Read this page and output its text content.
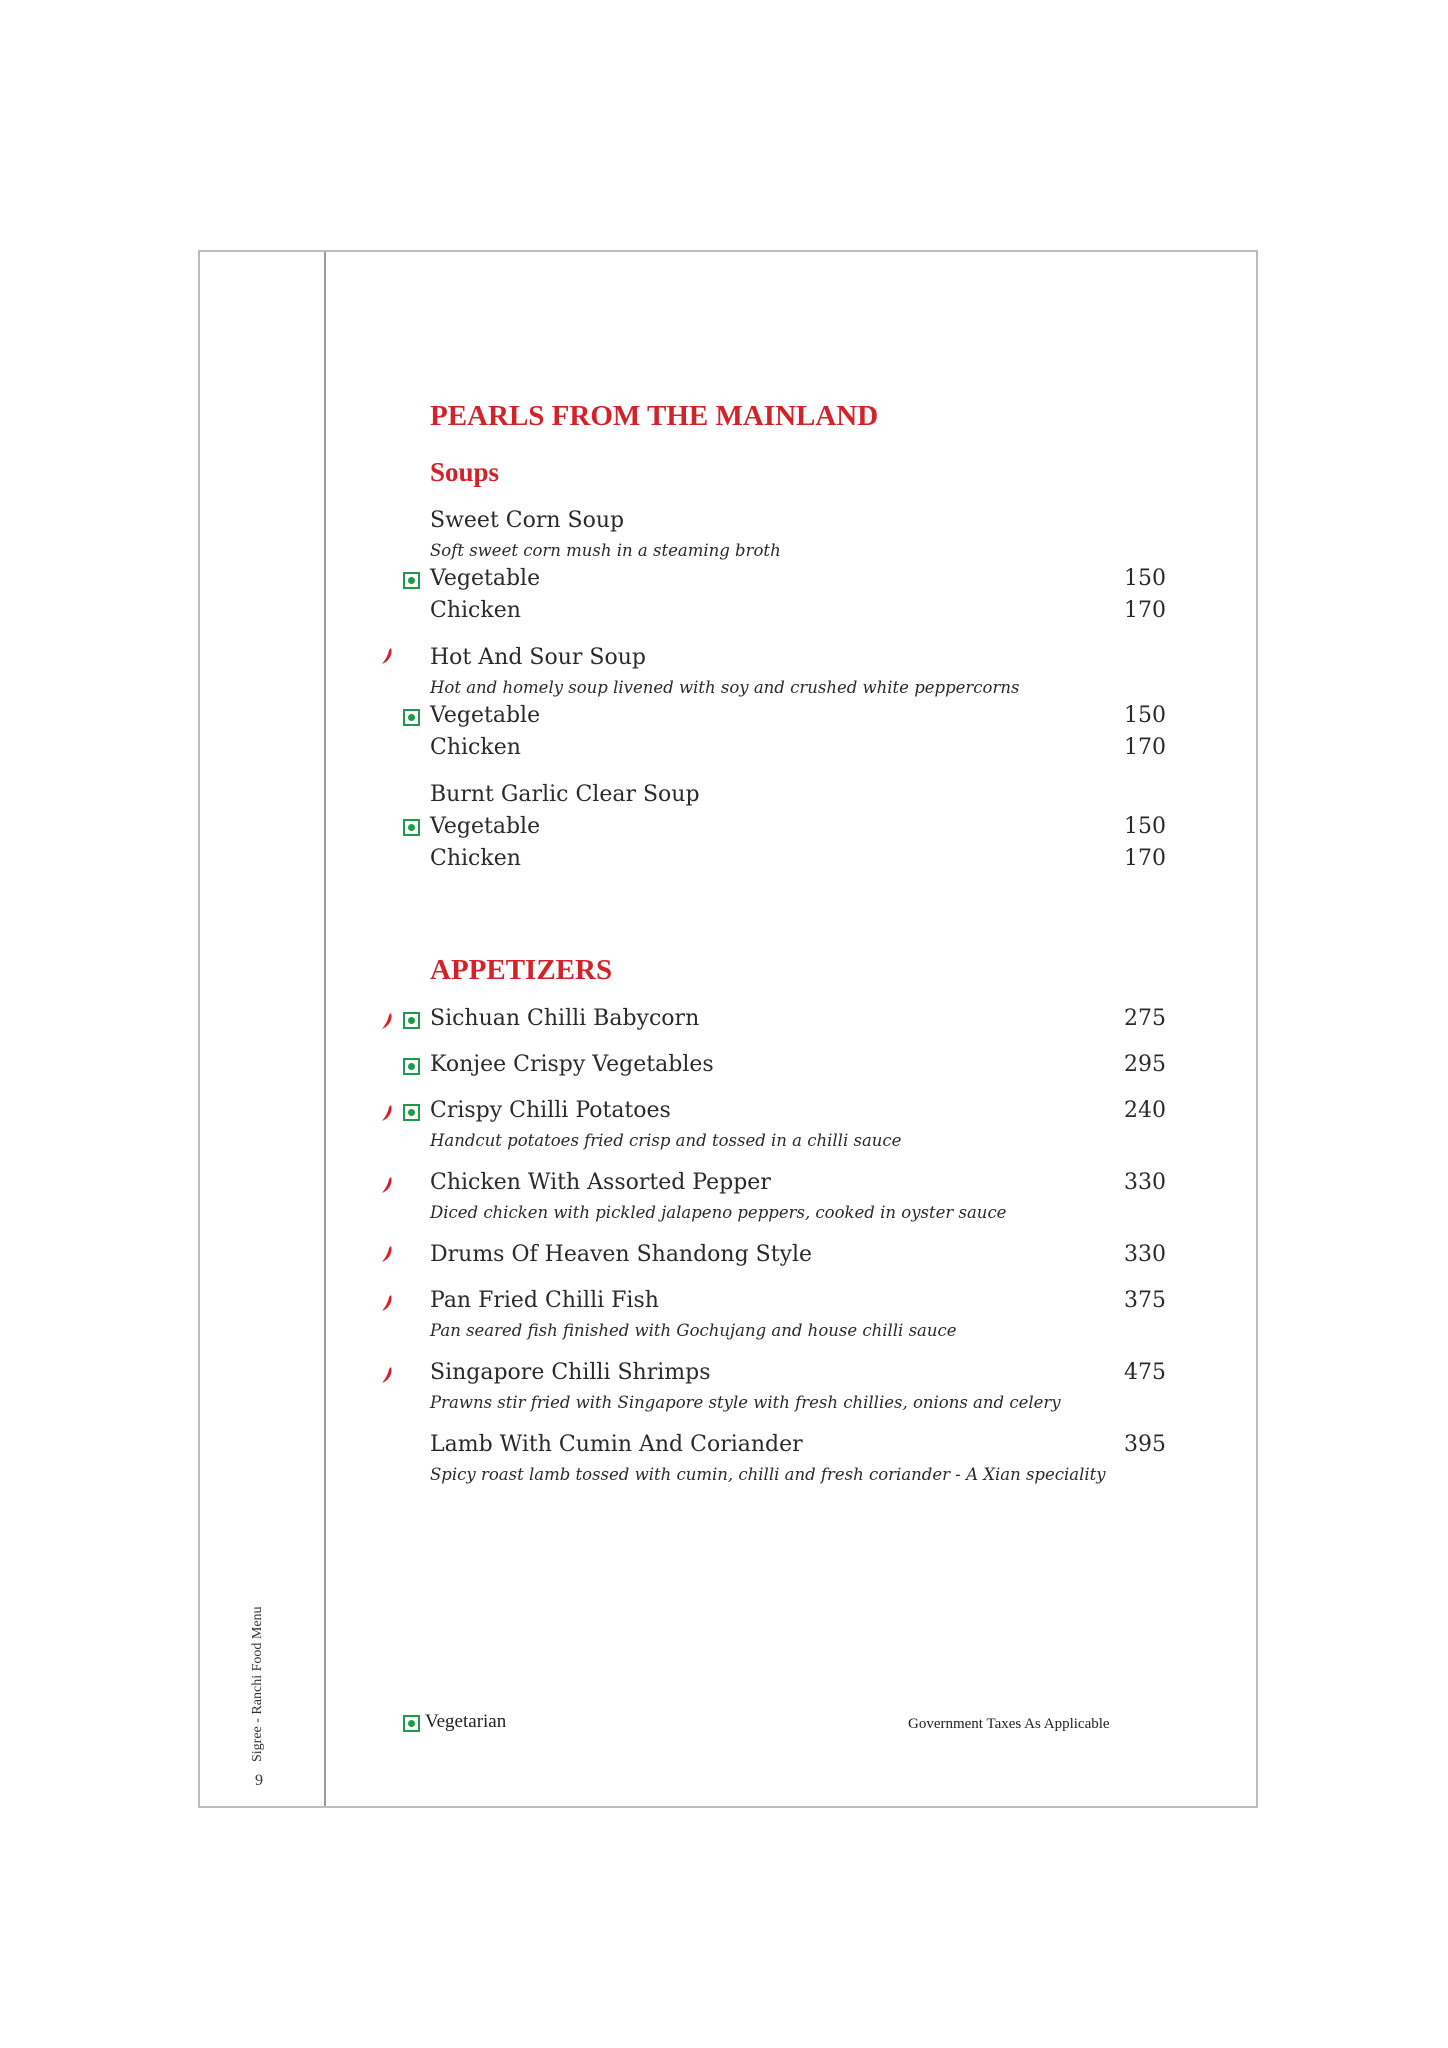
Sigree - Ranchi Food Menu
9
PEARLS FROM THE MAINLAND
Soups
Sweet Corn Soup
Soft sweet corn mush in a steaming broth
Vegetable	150
Chicken	170
Hot And Sour Soup
Hot and homely soup livened with soy and crushed white peppercorns
Vegetable	150
Chicken	170
Burnt Garlic Clear Soup
Vegetable	150
Chicken	170
APPETIZERS
Sichuan Chilli Babycorn	275
Konjee Crispy Vegetables	295
Crispy Chilli Potatoes	240
Handcut potatoes fried crisp and tossed in a chilli sauce
Chicken With Assorted Pepper	330
Diced chicken with pickled jalapeno peppers, cooked in oyster sauce
Drums Of Heaven Shandong Style	330
Pan Fried Chilli Fish	375
Pan seared fish finished with Gochujang and house chilli sauce
Singapore Chilli Shrimps	475
Prawns stir fried with Singapore style with fresh chillies, onions and celery
Lamb With Cumin And Coriander	395
Spicy roast lamb tossed with cumin, chilli and fresh coriander - A Xian speciality
Vegetarian	Government Taxes As Applicable
